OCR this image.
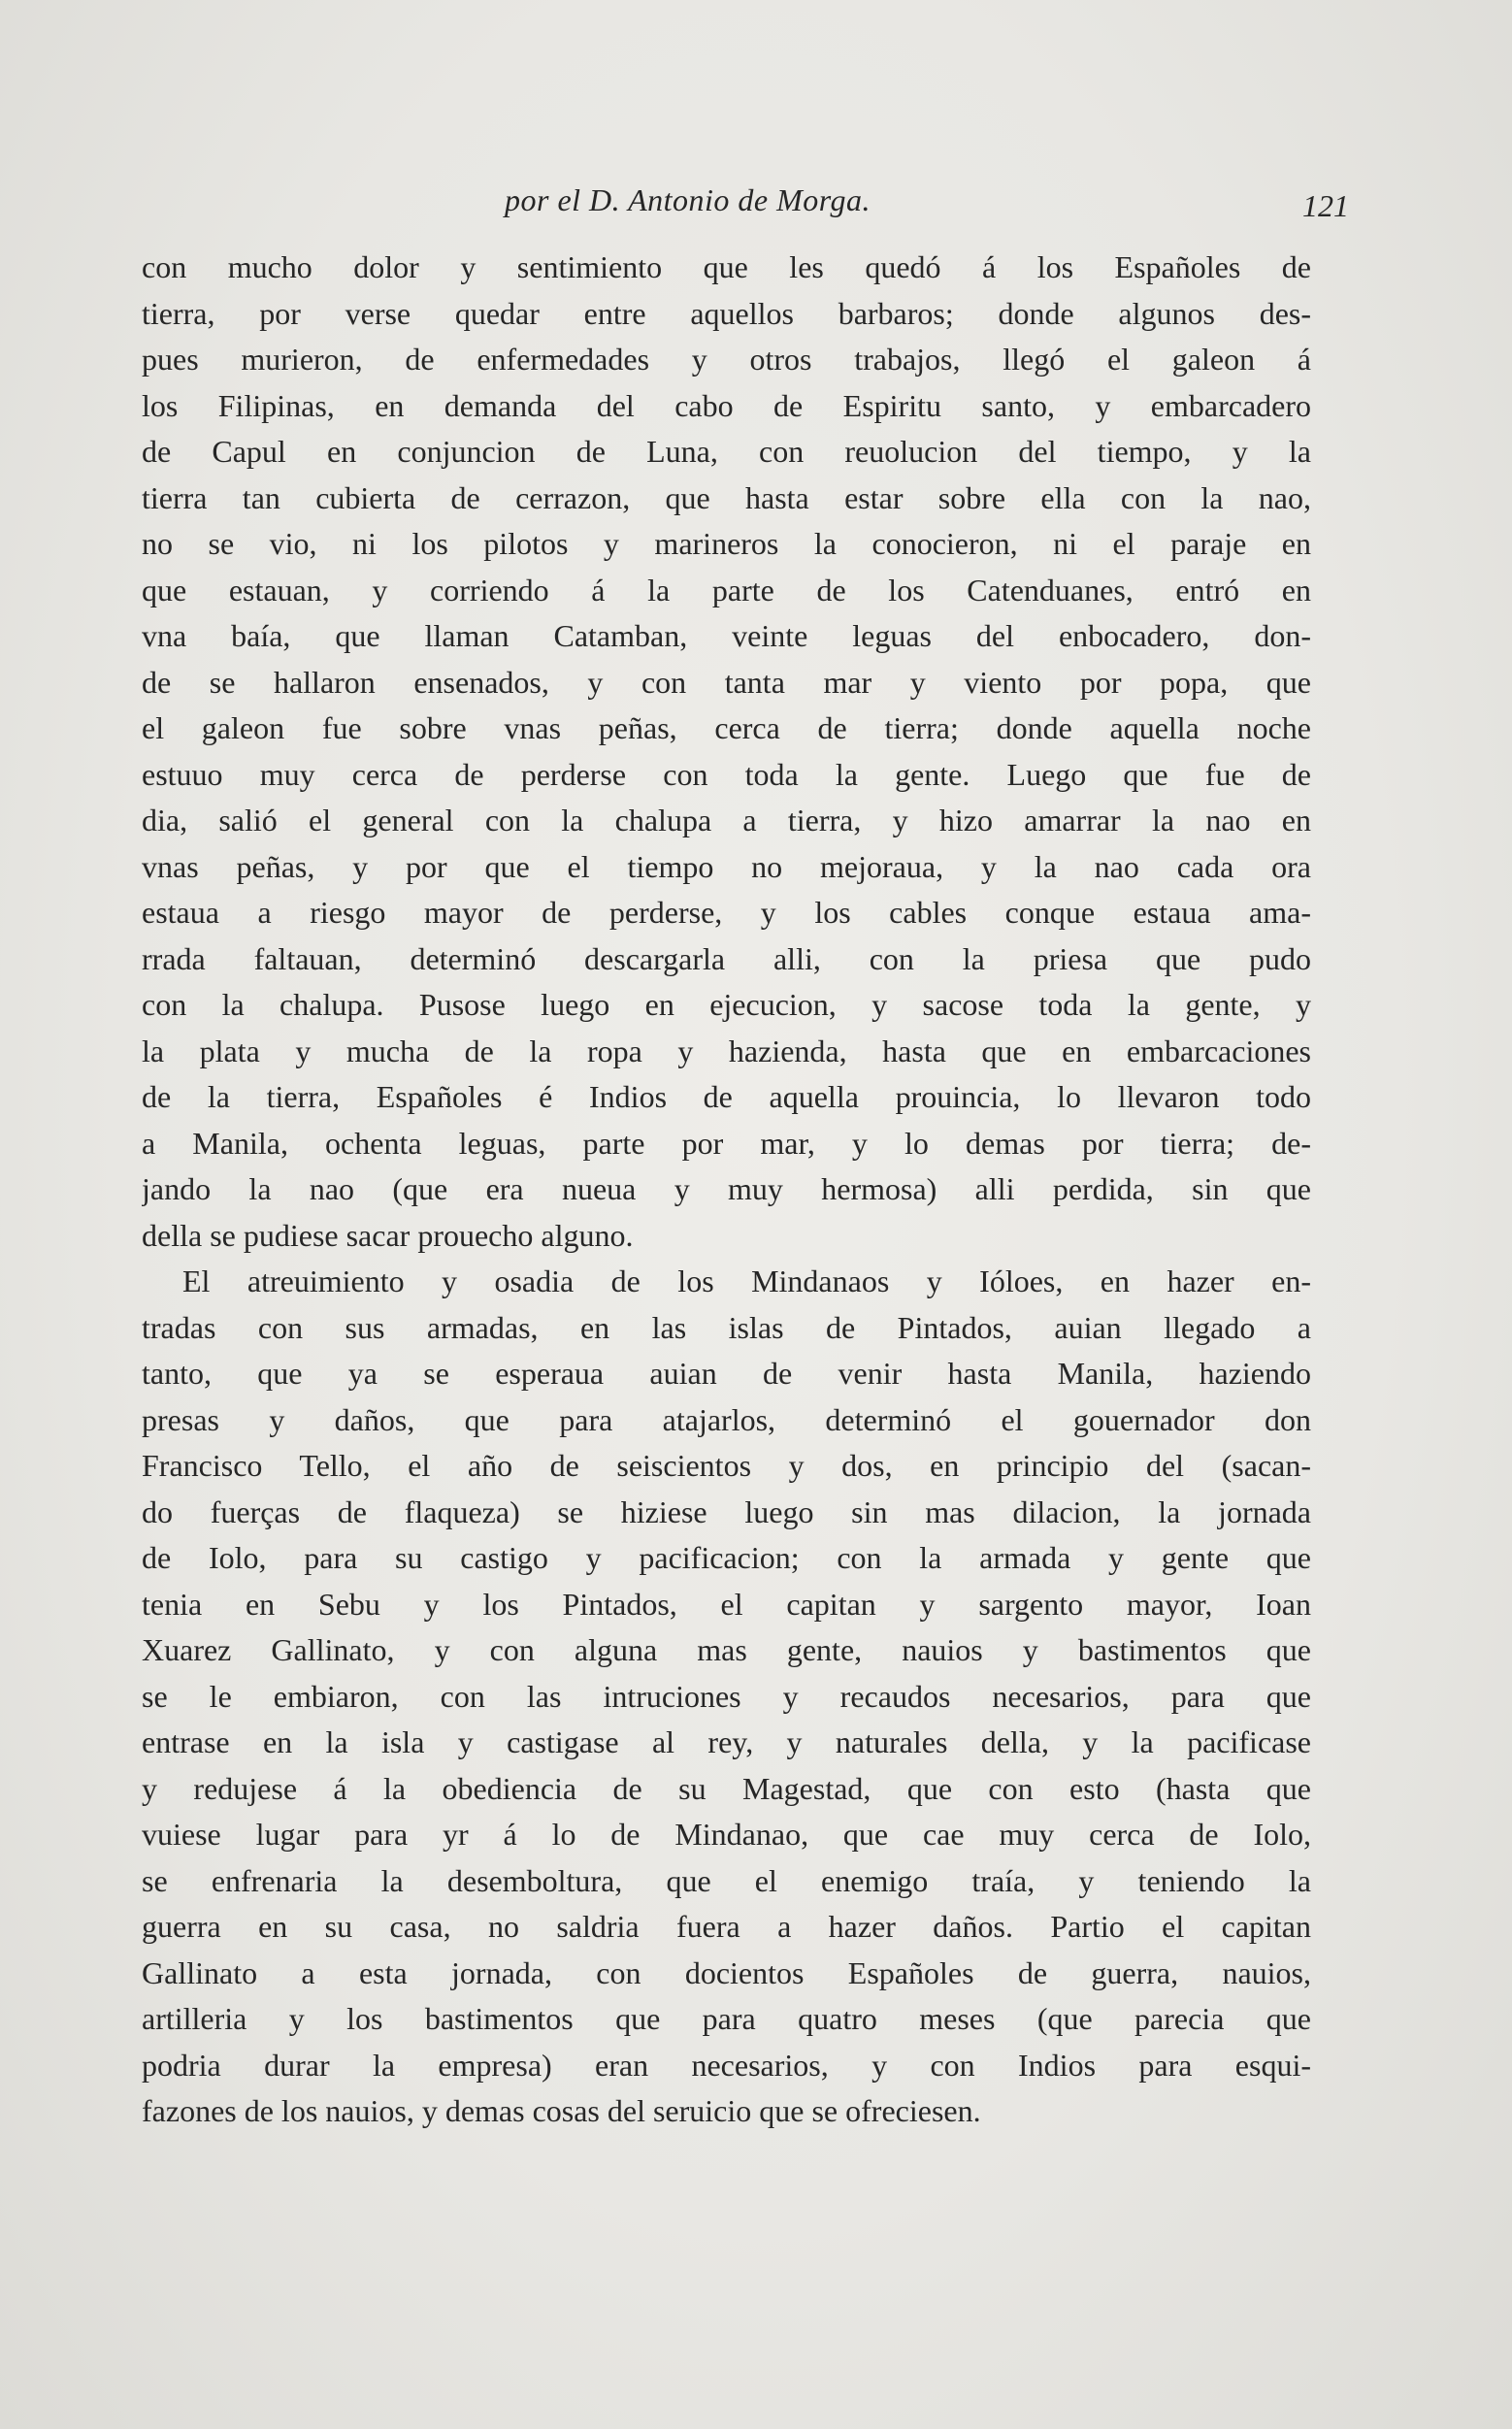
por el D. Antonio de Morga.	121
con mucho dolor y sentimiento que les quedó á los Españoles de
tierra, por verse quedar entre aquellos barbaros; donde algunos des-
pues murieron, de enfermedades y otros trabajos, llegó el galeon á
los Filipinas, en demanda del cabo de Espiritu santo, y embarcadero
de Capul en conjuncion de Luna, con reuolucion del tiempo, y la
tierra tan cubierta de cerrazon, que hasta estar sobre ella con la nao,
no se vio, ni los pilotos y marineros la conocieron, ni el paraje en
que estauan, y corriendo á la parte de los Catenduanes, entró en
vna baía, que llaman Catamban, veinte leguas del enbocadero, don-
de se hallaron ensenados, y con tanta mar y viento por popa, que
el galeon fue sobre vnas peñas, cerca de tierra; donde aquella noche
estuuo muy cerca de perderse con toda la gente. Luego que fue de
dia, salió el general con la chalupa a tierra, y hizo amarrar la nao en
vnas peñas, y por que el tiempo no mejoraua, y la nao cada ora
estaua a riesgo mayor de perderse, y los cables conque estaua ama-
rrada faltauan, determinó descargarla alli, con la priesa que pudo
con la chalupa. Pusose luego en ejecucion, y sacose toda la gente, y
la plata y mucha de la ropa y hazienda, hasta que en embarcaciones
de la tierra, Españoles é Indios de aquella prouincia, lo llevaron todo
a Manila, ochenta leguas, parte por mar, y lo demas por tierra; de-
jando la nao (que era nueua y muy hermosa) alli perdida, sin que
della se pudiese sacar prouecho alguno.
El atreuimiento y osadia de los Mindanaos y Ióloes, en hazer en-
tradas con sus armadas, en las islas de Pintados, auian llegado a
tanto, que ya se esperaua auian de venir hasta Manila, haziendo
presas y daños, que para atajarlos, determinó el gouernador don
Francisco Tello, el año de seiscientos y dos, en principio del (sacan-
do fuerças de flaqueza) se hiziese luego sin mas dilacion, la jornada
de Iolo, para su castigo y pacificacion; con la armada y gente que
tenia en Sebu y los Pintados, el capitan y sargento mayor, Ioan
Xuarez Gallinato, y con alguna mas gente, nauios y bastimentos que
se le embiaron, con las intruciones y recaudos necesarios, para que
entrase en la isla y castigase al rey, y naturales della, y la pacificase
y redujese á la obediencia de su Magestad, que con esto (hasta que
vuiese lugar para yr á lo de Mindanao, que cae muy cerca de Iolo,
se enfrenaria la desemboltura, que el enemigo traía, y teniendo la
guerra en su casa, no saldria fuera a hazer daños. Partio el capitan
Gallinato a esta jornada, con docientos Españoles de guerra, nauios,
artilleria y los bastimentos que para quatro meses (que parecia que
podria durar la empresa) eran necesarios, y con Indios para esqui-
fazones de los nauios, y demas cosas del seruicio que se ofreciesen.
